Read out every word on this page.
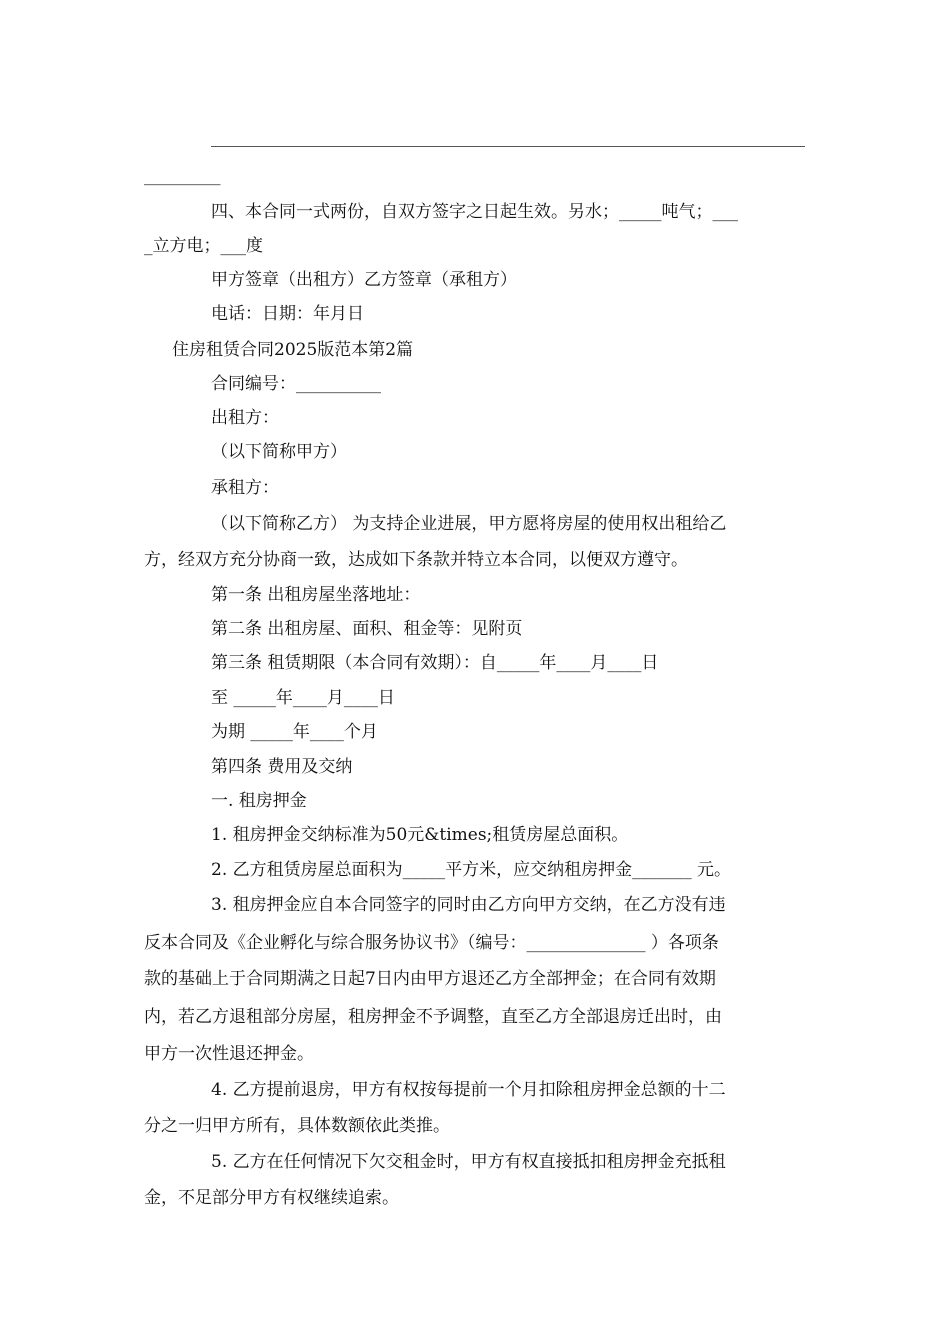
_________
四、本合同一式两份，自双方签字之日起生效。另水；_____吨气；___
_立方电；___度
甲方签章（出租方）乙方签章（承租方）
电话：日期：年月日
住房租赁合同2025版范本第2篇
合同编号：__________
出租方：
（以下简称甲方）
承租方：
（以下简称乙方） 为支持企业进展，甲方愿将房屋的使用权出租给乙
方，经双方充分协商一致，达成如下条款并特立本合同，以便双方遵守。
第一条 出租房屋坐落地址：
第二条 出租房屋、面积、租金等：见附页
第三条 租赁期限（本合同有效期）：自_____年____月____日
至 _____年____月____日
为期 _____年____个月
第四条 费用及交纳
一. 租房押金
1. 租房押金交纳标准为50元&times;租赁房屋总面积。
2. 乙方租赁房屋总面积为_____平方米，应交纳租房押金_______ 元。
3. 租房押金应自本合同签字的同时由乙方向甲方交纳，在乙方没有违
反本合同及《企业孵化与综合服务协议书》（编号：______________ ）各项条
款的基础上于合同期满之日起7日内由甲方退还乙方全部押金；在合同有效期
内，若乙方退租部分房屋，租房押金不予调整，直至乙方全部退房迁出时，由
甲方一次性退还押金。
4. 乙方提前退房，甲方有权按每提前一个月扣除租房押金总额的十二
分之一归甲方所有，具体数额依此类推。
5. 乙方在任何情况下欠交租金时，甲方有权直接抵扣租房押金充抵租
金，不足部分甲方有权继续追索。
